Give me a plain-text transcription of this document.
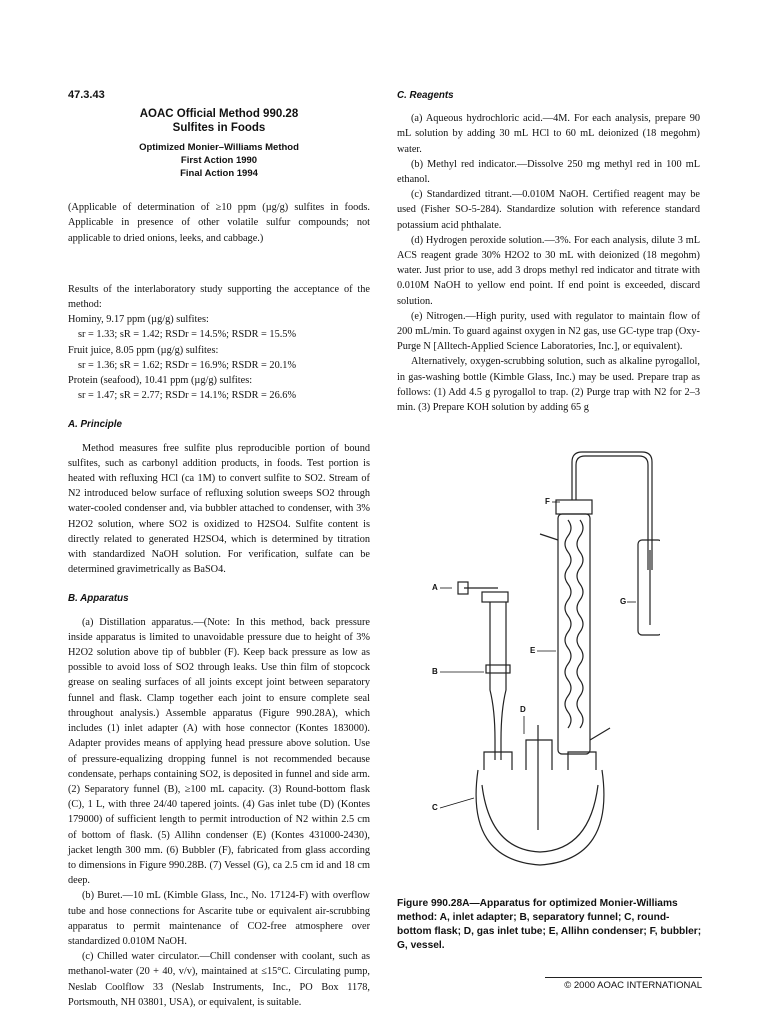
47.3.43
AOAC Official Method 990.28
Sulfites in Foods
Optimized Monier–Williams Method
First Action 1990
Final Action 1994

(Applicable of determination of ≥10 ppm (µg/g) sulfites in foods. Applicable in presence of other volatile sulfur compounds; not applicable to dried onions, leeks, and cabbage.)

Results of the interlaboratory study supporting the acceptance of the method:

Hominy, 9.17 ppm (µg/g) sulfites:
sr = 1.33; sR = 1.42; RSDr = 14.5%; RSDR = 15.5%
Fruit juice, 8.05 ppm (µg/g) sulfites:
sr = 1.36; sR = 1.62; RSDr = 16.9%; RSDR = 20.1%
Protein (seafood), 10.41 ppm (µg/g) sulfites:
sr = 1.47; sR = 2.77; RSDr = 14.1%; RSDR = 26.6%
A. Principle

Method measures free sulfite plus reproducible portion of bound sulfites, such as carbonyl addition products, in foods. Test portion is heated with refluxing HCl (ca 1M) to convert sulfite to SO2. Stream of N2 introduced below surface of refluxing solution sweeps SO2 through water-cooled condenser and, via bubbler attached to condenser, with 3% H2O2 solution, where SO2 is oxidized to H2SO4. Sulfite content is directly related to generated H2SO4, which is determined by titration with standardized NaOH solution. For verification, sulfate can be determined gravimetrically as BaSO4.

B. Apparatus

(a) Distillation apparatus.—(Note: In this method, back pressure inside apparatus is limited to unavoidable pressure due to height of 3% H2O2 solution above tip of bubbler (F). Keep back pressure as low as possible to avoid loss of SO2 through leaks. Use thin film of stopcock grease on sealing surfaces of all joints except joint between separatory funnel and flask. Clamp together each joint to ensure complete seal throughout analysis.) Assemble apparatus (Figure 990.28A), which includes (1) inlet adapter (A) with hose connector (Kontes 183000). Adapter provides means of applying head pressure above solution. Use of pressure-equalizing dropping funnel is not recommended because condensate, perhaps containing SO2, is deposited in funnel and side arm. (2) Separatory funnel (B), ≥100 mL capacity. (3) Round-bottom flask (C), 1 L, with three 24/40 tapered joints. (4) Gas inlet tube (D) (Kontes 179000) of sufficient length to permit introduction of N2 within 2.5 cm of bottom of flask. (5) Allihn condenser (E) (Kontes 431000-2430), jacket length 300 mm. (6) Bubbler (F), fabricated from glass according to dimensions in Figure 990.28B. (7) Vessel (G), ca 2.5 cm id and 18 cm deep.

(b) Buret.—10 mL (Kimble Glass, Inc., No. 17124-F) with overflow tube and hose connections for Ascarite tube or equivalent air-scrubbing apparatus to permit maintenance of CO2-free atmosphere over standardized 0.010M NaOH.

(c) Chilled water circulator.—Chill condenser with coolant, such as methanol-water (20 + 40, v/v), maintained at ≤15°C. Circulating pump, Neslab Coolflow 33 (Neslab Instruments, Inc., PO Box 1178, Portsmouth, NH 03801, USA), or equivalent, is suitable.

C. Reagents

(a) Aqueous hydrochloric acid.—4M. For each analysis, prepare 90 mL solution by adding 30 mL HCl to 60 mL deionized (18 megohm) water.

(b) Methyl red indicator.—Dissolve 250 mg methyl red in 100 mL ethanol.

(c) Standardized titrant.—0.010M NaOH. Certified reagent may be used (Fisher SO-5-284). Standardize solution with reference standard potassium acid phthalate.

(d) Hydrogen peroxide solution.—3%. For each analysis, dilute 3 mL ACS reagent grade 30% H2O2 to 30 mL with deionized (18 megohm) water. Just prior to use, add 3 drops methyl red indicator and titrate with 0.010M NaOH to yellow end point. If end point is exceeded, discard solution.

(e) Nitrogen.—High purity, used with regulator to maintain flow of 200 mL/min. To guard against oxygen in N2 gas, use GC-type trap (Oxy-Purge N [Alltech-Applied Science Laboratories, Inc.], or equivalent).

Alternatively, oxygen-scrubbing solution, such as alkaline pyrogallol, in gas-washing bottle (Kimble Glass, Inc.) may be used. Prepare trap as follows: (1) Add 4.5 g pyrogallol to trap. (2) Purge trap with N2 for 2–3 min. (3) Prepare KOH solution by adding 65 g

F
A
G
B
E
D
C
Figure 990.28A—Apparatus for optimized Monier-Williams method: A, inlet adapter; B, separatory funnel; C, round-bottom flask; D, gas inlet tube; E, Allihn condenser; F, bubbler; G, vessel.
© 2000 AOAC INTERNATIONAL
